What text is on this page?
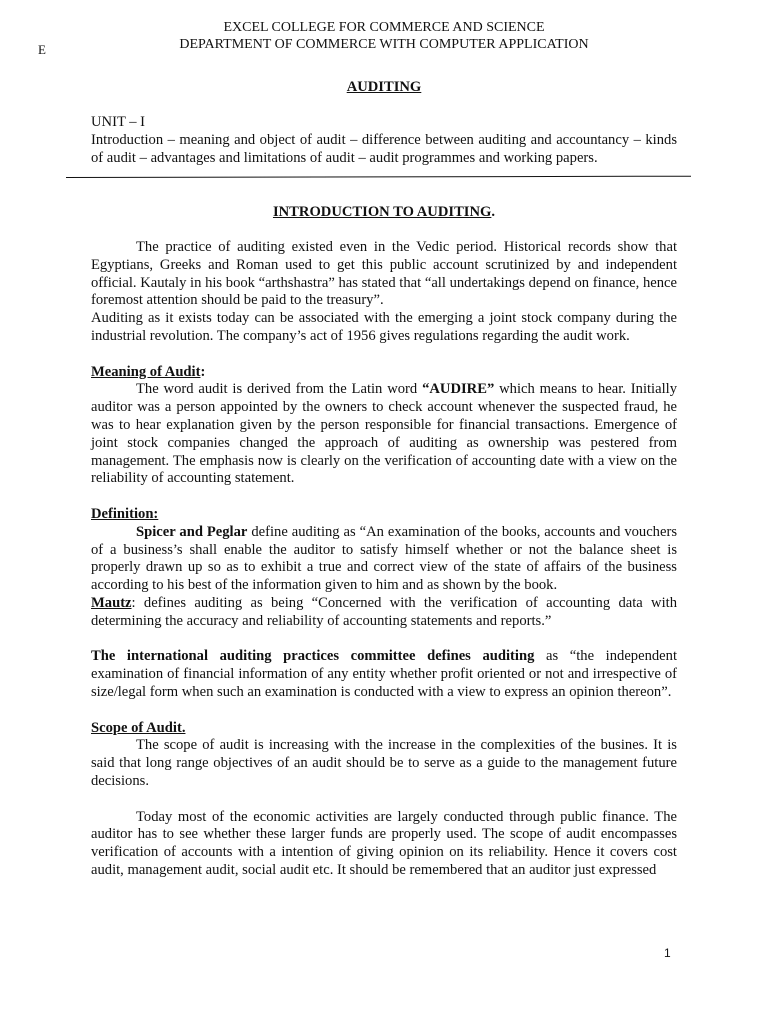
E
EXCEL COLLEGE FOR COMMERCE AND SCIENCE
DEPARTMENT OF COMMERCE WITH COMPUTER APPLICATION
AUDITING

UNIT – I

Introduction – meaning and object of audit – difference between auditing and accountancy – kinds of audit – advantages and limitations of audit – audit programmes and working papers.

INTRODUCTION TO AUDITING.

The practice of auditing existed even in the Vedic period. Historical records show that Egyptians, Greeks and Roman used to get this public account scrutinized by and independent official. Kautaly in his book “arthshastra” has stated that “all undertakings depend on finance, hence foremost attention should be paid to the treasury”.

Auditing as it exists today can be associated with the emerging a joint stock company during the industrial revolution. The company’s act of 1956 gives regulations regarding the audit work.

Meaning of Audit:

The word audit is derived from the Latin word “AUDIRE” which means to hear. Initially auditor was a person appointed by the owners to check account whenever the suspected fraud, he was to hear explanation given by the person responsible for financial transactions. Emergence of joint stock companies changed the approach of auditing as ownership was pestered from management. The emphasis now is clearly on the verification of accounting date with a view on the reliability of accounting statement.

Definition:

Spicer and Peglar define auditing as “An examination of the books, accounts and vouchers of a business’s shall enable the auditor to satisfy himself whether or not the balance sheet is properly drawn up so as to exhibit a true and correct view of the state of affairs of the business according to his best of the information given to him and as shown by the book.

Mautz: defines auditing as being “Concerned with the verification of accounting data with determining the accuracy and reliability of accounting statements and reports.”

The international auditing practices committee defines auditing as “the independent examination of financial information of any entity whether profit oriented or not and irrespective of size/legal form when such an examination is conducted with a view to express an opinion thereon”.

Scope of Audit.

The scope of audit is increasing with the increase in the complexities of the busines. It is said that long range objectives of an audit should be to serve as a guide to the management future decisions.

Today most of the economic activities are largely conducted through public finance. The auditor has to see whether these larger funds are properly used. The scope of audit encompasses verification of accounts with a intention of giving opinion on its reliability. Hence it covers cost audit, management audit, social audit etc. It should be remembered that an auditor just expressed

1
